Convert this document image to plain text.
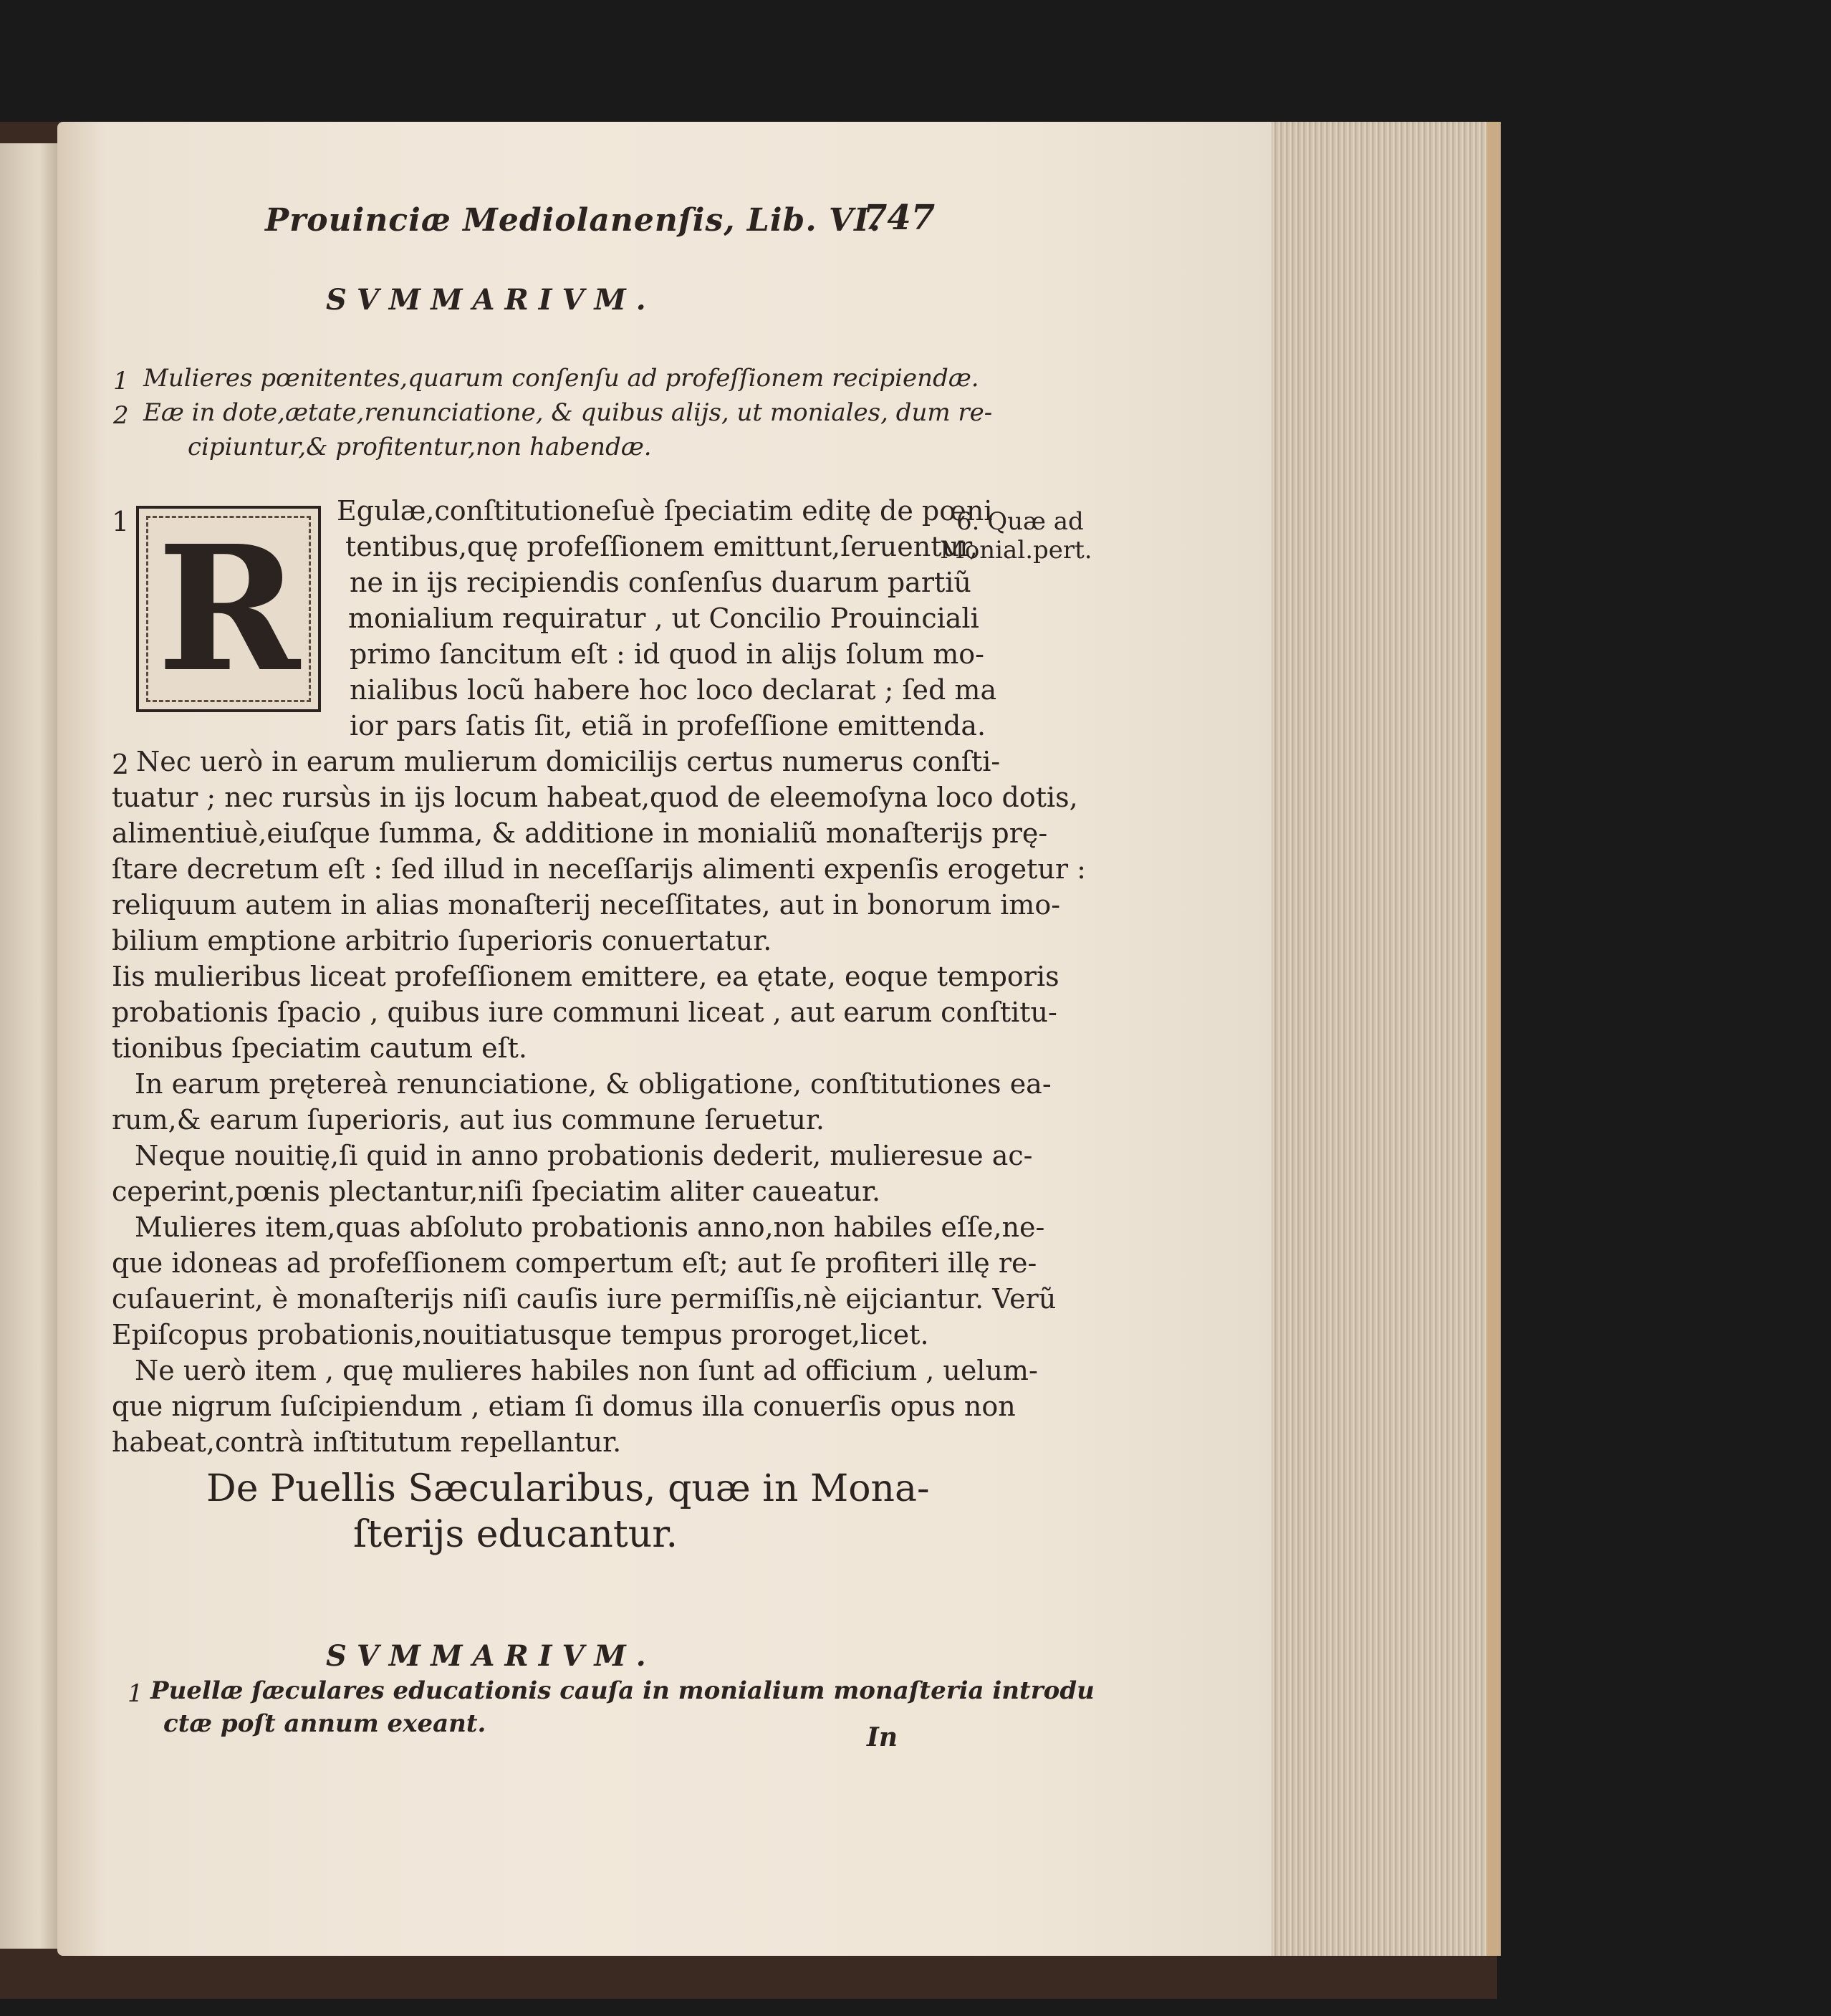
Prouinciæ Mediolanenſis, Lib. VI.
747
SVMMARIVM.
1 Mulieres pœnitentes,quarum conſenſu ad profeſſionem recipiendæ.
2 Eæ in dote,ætate,renunciatione, & quibus alijs, ut moniales, dum re-
cipiuntur,& profitentur,non habendæ.
R
1	Egulæ,conſtitutioneſuè ſpeciatim editę de pœni
tentibus,quę profeſſionem emittunt,ſeruentur,
ne in ijs recipiendis conſenſus duarum partiũ
monialium requiratur , ut Concilio Prouinciali
primo ſancitum eſt : id quod in alijs ſolum mo-
nialibus locũ habere hoc loco declarat ; ſed ma
ior pars ſatis ſit, etiã in profeſſione emittenda.
6. Quæ ad
Monial.pert.
2 Nec uerò in earum mulierum domicilijs certus numerus conſti-
tuatur ; nec rursùs in ijs locum habeat,quod de eleemoſyna loco dotis,
alimentiuè,eiuſque ſumma, & additione in monialiũ monaſterijs prę-
ſtare decretum eſt : ſed illud in neceſſarijs alimenti expenſis erogetur :
reliquum autem in alias monaſterij neceſſitates, aut in bonorum imo-
bilium emptione arbitrio ſuperioris conuertatur.
Iis mulieribus liceat profeſſionem emittere, ea ętate, eoque temporis
probationis ſpacio , quibus iure communi liceat , aut earum conſtitu-
tionibus ſpeciatim cautum eſt.
In earum prętereà renunciatione, & obligatione, conſtitutiones ea-
rum,& earum ſuperioris, aut ius commune ſeruetur.
Neque nouitię,ſi quid in anno probationis dederit, mulieresue ac-
ceperint,pœnis plectantur,niſi ſpeciatim aliter caueatur.
Mulieres item,quas abſoluto probationis anno,non habiles eſſe,ne-
que idoneas ad profeſſionem compertum eſt; aut ſe profiteri illę re-
cuſauerint, è monaſterijs niſi cauſis iure permiſſis,nè eijciantur. Verũ
Epiſcopus probationis,nouitiatusque tempus proroget,licet.
Ne uerò item , quę mulieres habiles non ſunt ad officium , uelum-
que nigrum ſuſcipiendum , etiam ſi domus illa conuerſis opus non
habeat,contrà inſtitutum repellantur.
De Puellis Sæcularibus, quæ in Mona-
ſterijs educantur.
SVMMARIVM.
1 Puellæ ſæculares educationis cauſa in monialium monaſteria introdu
ctæ poſt annum exeant.	In
